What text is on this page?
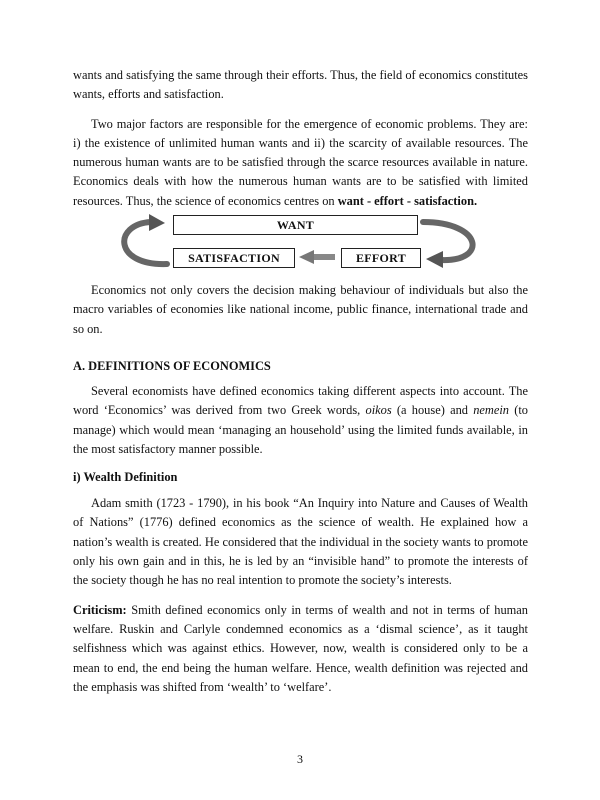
wants and satisfying the same through their efforts. Thus, the field of economics constitutes wants, efforts and satisfaction.

Two major factors are responsible for the emergence of economic problems. They are: i) the existence of unlimited human wants and ii) the scarcity of available resources. The numerous human wants are to be satisfied through the scarce resources available in nature. Economics deals with how the numerous human wants are to be satisfied with limited resources. Thus, the science of economics centres on want - effort - satisfaction.

WANT
SATISFACTION	EFFORT

Economics not only covers the decision making behaviour of individuals but also the macro variables of economies like national income, public finance, international trade and so on.

A. DEFINITIONS OF ECONOMICS

Several economists have defined economics taking different aspects into account. The word ‘Economics’ was derived from two Greek words, oikos (a house) and nemein (to manage) which would mean ‘managing an household’ using the limited funds available, in the most satisfactory manner possible.

i) Wealth Definition

Adam smith (1723 - 1790), in his book “An Inquiry into Nature and Causes of Wealth of Nations” (1776) defined economics as the science of wealth. He explained how a nation’s wealth is created. He considered that the individual in the society wants to promote only his own gain and in this, he is led by an “invisible hand” to promote the interests of the society though he has no real intention to promote the society’s interests.

Criticism: Smith defined economics only in terms of wealth and not in terms of human welfare. Ruskin and Carlyle condemned economics as a ‘dismal science’, as it taught selfishness which was against ethics. However, now, wealth is considered only to be a mean to end, the end being the human welfare. Hence, wealth definition was rejected and the emphasis was shifted from ‘wealth’ to ‘welfare’.

3
